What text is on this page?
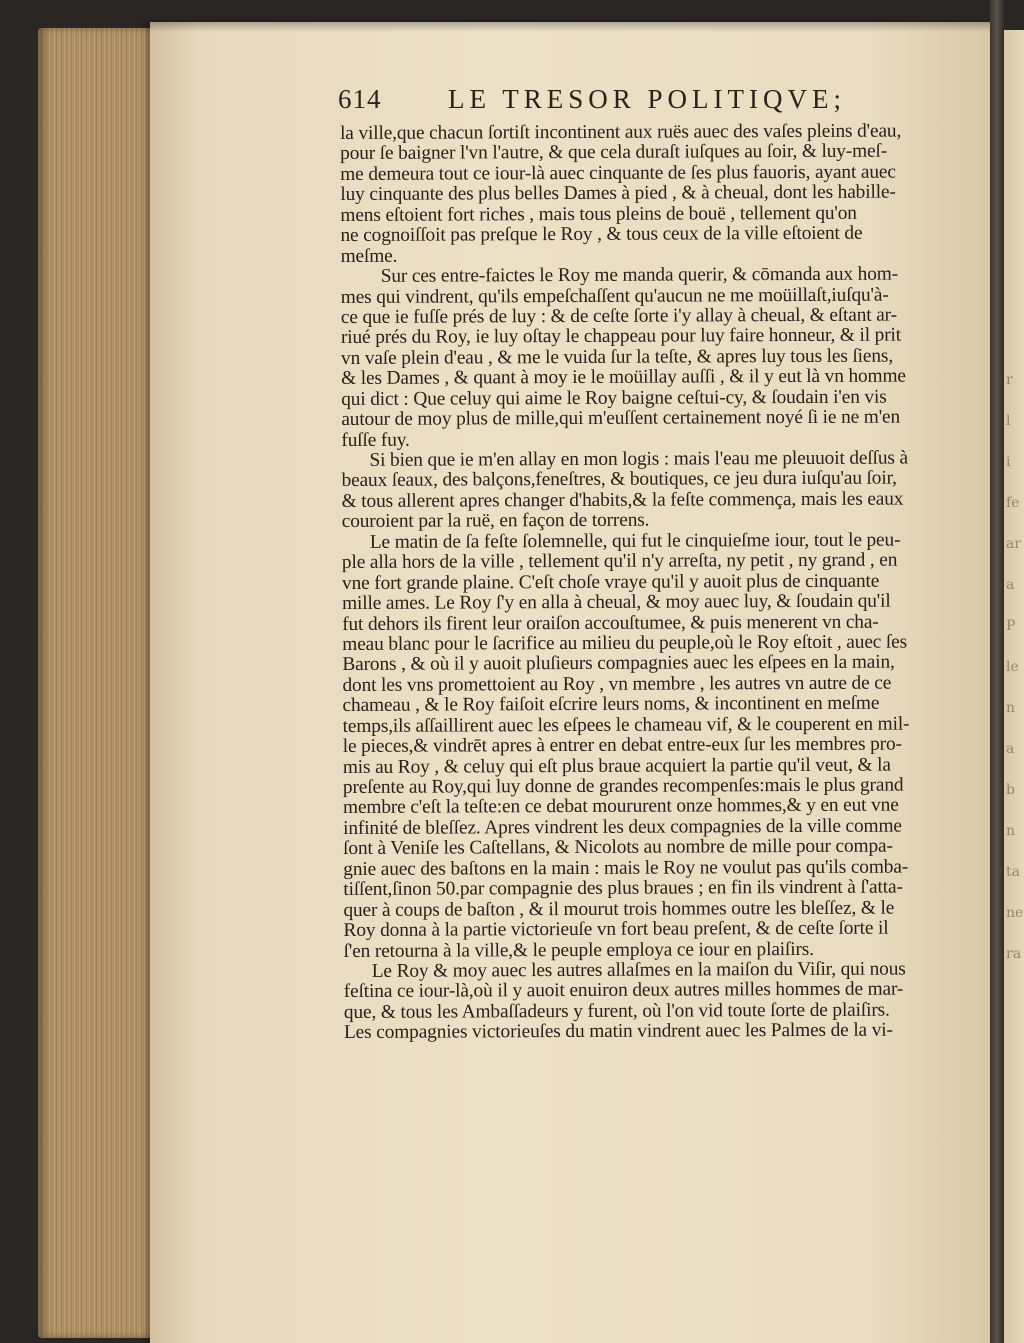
r
l
i
fe
ar
a
P
le
n
a
b
n
ta
ne
ra
614 LE TRESOR POLITIQVE;
la ville,que chacun ſortiſt incontinent aux ruës auec des vaſes pleins d'eau,
pour ſe baigner l'vn l'autre, & que cela duraſt iuſques au ſoir, & luy-meſ-
me demeura tout ce iour-là auec cinquante de ſes plus fauoris, ayant auec
luy cinquante des plus belles Dames à pied , & à cheual, dont les habille-
mens eſtoient fort riches , mais tous pleins de bouë , tellement qu'on
ne cognoiſſoit pas preſque le Roy , & tous ceux de la ville eſtoient de
meſme.
Sur ces entre-faictes le Roy me manda querir, & cōmanda aux hom-
mes qui vindrent, qu'ils empeſchaſſent qu'aucun ne me moüillaſt,iuſqu'à-
ce que ie fuſſe prés de luy : & de ceſte ſorte i'y allay à cheual, & eſtant ar-
riué prés du Roy, ie luy oſtay le chappeau pour luy faire honneur, & il prit
vn vaſe plein d'eau , & me le vuida ſur la teſte, & apres luy tous les ſiens,
& les Dames , & quant à moy ie le moüillay auſſi , & il y eut là vn homme
qui dict : Que celuy qui aime le Roy baigne ceſtui-cy, & ſoudain i'en vis
autour de moy plus de mille,qui m'euſſent certainement noyé ſi ie ne m'en
fuſſe fuy.
Si bien que ie m'en allay en mon logis : mais l'eau me pleuuoit deſſus à
beaux ſeaux, des balçons,feneſtres, & boutiques, ce jeu dura iuſqu'au ſoir,
& tous allerent apres changer d'habits,& la feſte commença, mais les eaux
couroient par la ruë, en façon de torrens.
Le matin de ſa feſte ſolemnelle, qui fut le cinquieſme iour, tout le peu-
ple alla hors de la ville , tellement qu'il n'y arreſta, ny petit , ny grand , en
vne fort grande plaine. C'eſt choſe vraye qu'il y auoit plus de cinquante
mille ames. Le Roy ſ'y en alla à cheual, & moy auec luy, & ſoudain qu'il
fut dehors ils firent leur oraiſon accouſtumee, & puis menerent vn cha-
meau blanc pour le ſacrifice au milieu du peuple,où le Roy eſtoit , auec ſes
Barons , & où il y auoit pluſieurs compagnies auec les eſpees en la main,
dont les vns promettoient au Roy , vn membre , les autres vn autre de ce
chameau , & le Roy faiſoit eſcrire leurs noms, & incontinent en meſme
temps,ils aſſaillirent auec les eſpees le chameau vif, & le couperent en mil-
le pieces,& vindrēt apres à entrer en debat entre-eux ſur les membres pro-
mis au Roy , & celuy qui eſt plus braue acquiert la partie qu'il veut, & la
preſente au Roy,qui luy donne de grandes recompenſes:mais le plus grand
membre c'eſt la teſte:en ce debat moururent onze hommes,& y en eut vne
infinité de bleſſez. Apres vindrent les deux compagnies de la ville comme
ſont à Veniſe les Caſtellans, & Nicolots au nombre de mille pour compa-
gnie auec des baſtons en la main : mais le Roy ne voulut pas qu'ils comba-
tiſſent,ſinon 50.par compagnie des plus braues ; en fin ils vindrent à ſ'atta-
quer à coups de baſton , & il mourut trois hommes outre les bleſſez, & le
Roy donna à la partie victorieuſe vn fort beau preſent, & de ceſte ſorte il
ſ'en retourna à la ville,& le peuple employa ce iour en plaiſirs.
Le Roy & moy auec les autres allaſmes en la maiſon du Viſir, qui nous
feſtina ce iour-là,où il y auoit enuiron deux autres milles hommes de mar-
que, & tous les Ambaſſadeurs y furent, où l'on vid toute ſorte de plaiſirs.
Les compagnies victorieuſes du matin vindrent auec les Palmes de la vi-
